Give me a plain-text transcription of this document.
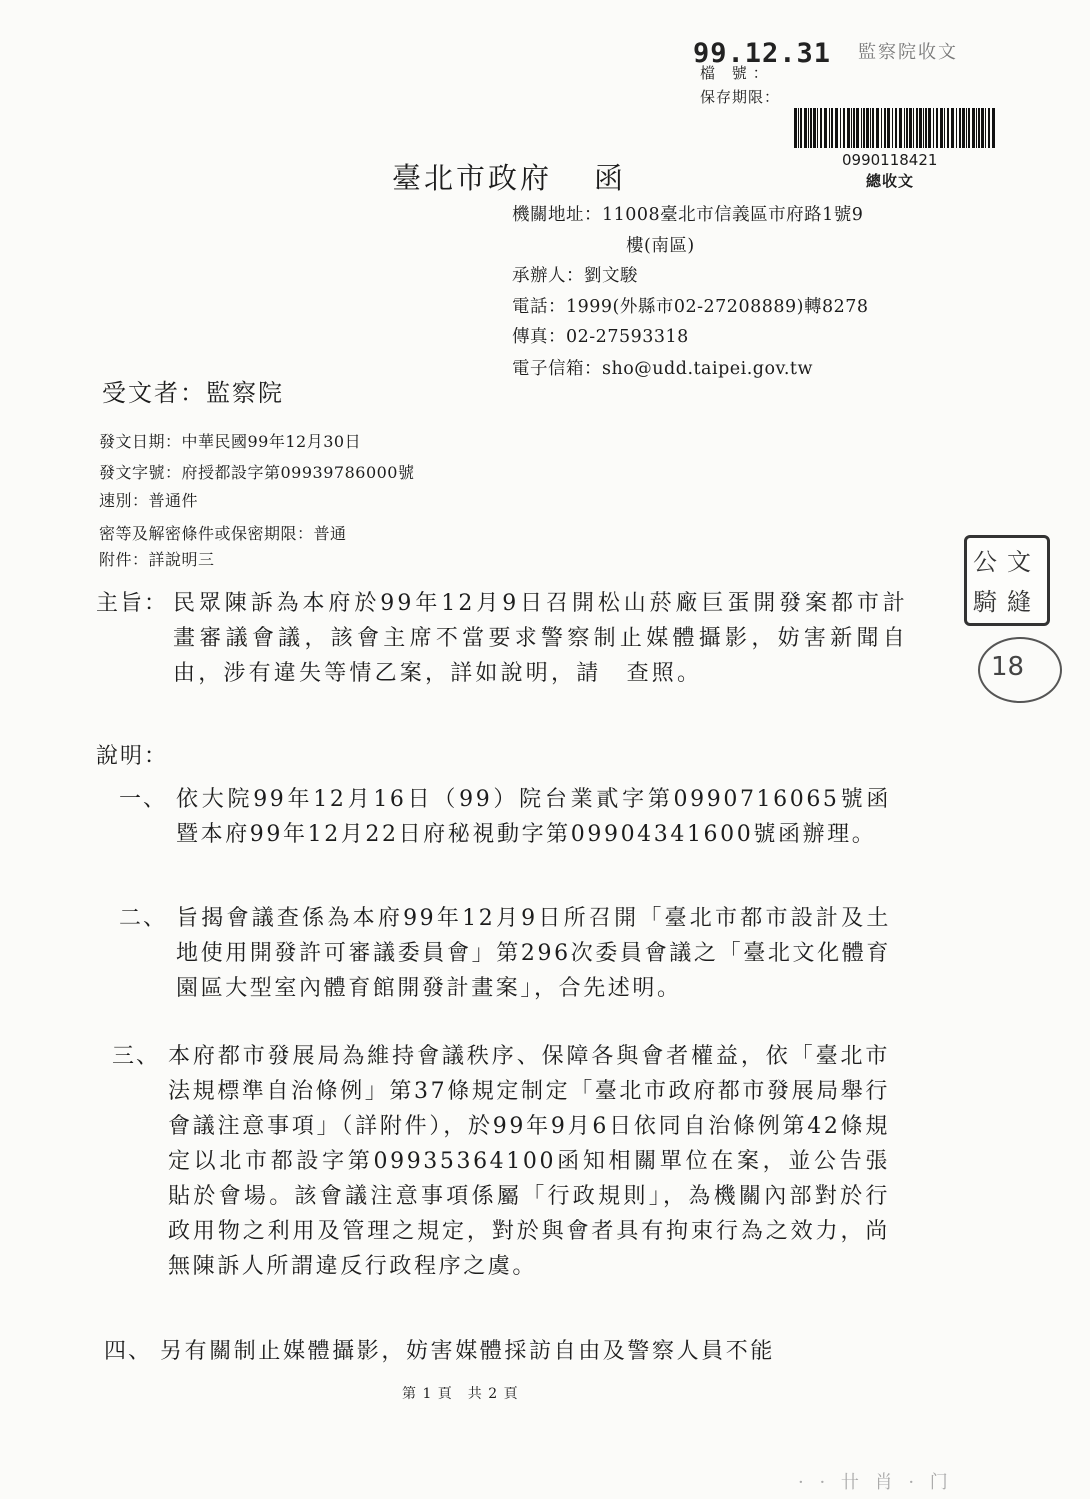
99.12.31 監察院收文
檔 號：
保存期限：
0990118421
總收文
臺北市政府 函
機關地址：11008臺北市信義區市府路1號9
樓(南區)
承辦人：劉文駿
電話：1999(外縣市02-27208889)轉8278
傳真：02-27593318
電子信箱：sho@udd.taipei.gov.tw
受文者：監察院
發文日期：中華民國99年12月30日
發文字號：府授都設字第09939786000號
速別：普通件
密等及解密條件或保密期限：普通
附件：詳說明三
主旨： 民眾陳訴為本府於99年12月9日召開松山菸廠巨蛋開發案都市計畫審議會議，該會主席不當要求警察制止媒體攝影，妨害新聞自由，涉有違失等情乙案，詳如說明，請　查照。
說明：
一、 依大院99年12月16日（99）院台業貳字第0990716065號函暨本府99年12月22日府秘視動字第09904341600號函辦理。
二、 旨揭會議查係為本府99年12月9日所召開「臺北市都市設計及土地使用開發許可審議委員會」第296次委員會議之「臺北文化體育園區大型室內體育館開發計畫案」，合先述明。
三、 本府都市發展局為維持會議秩序、保障各與會者權益，依「臺北市法規標準自治條例」第37條規定制定「臺北市政府都市發展局舉行會議注意事項」（詳附件），於99年9月6日依同自治條例第42條規定以北市都設字第09935364100函知相關單位在案，並公告張貼於會場。該會議注意事項係屬「行政規則」，為機關內部對於行政用物之利用及管理之規定，對於與會者具有拘束行為之效力，尚無陳訴人所謂違反行政程序之虞。
四、 另有關制止媒體攝影，妨害媒體採訪自由及警察人員不能
第 1 頁　共 2 頁
公 文
騎 縫
18
· · 卄 肖 · 门
